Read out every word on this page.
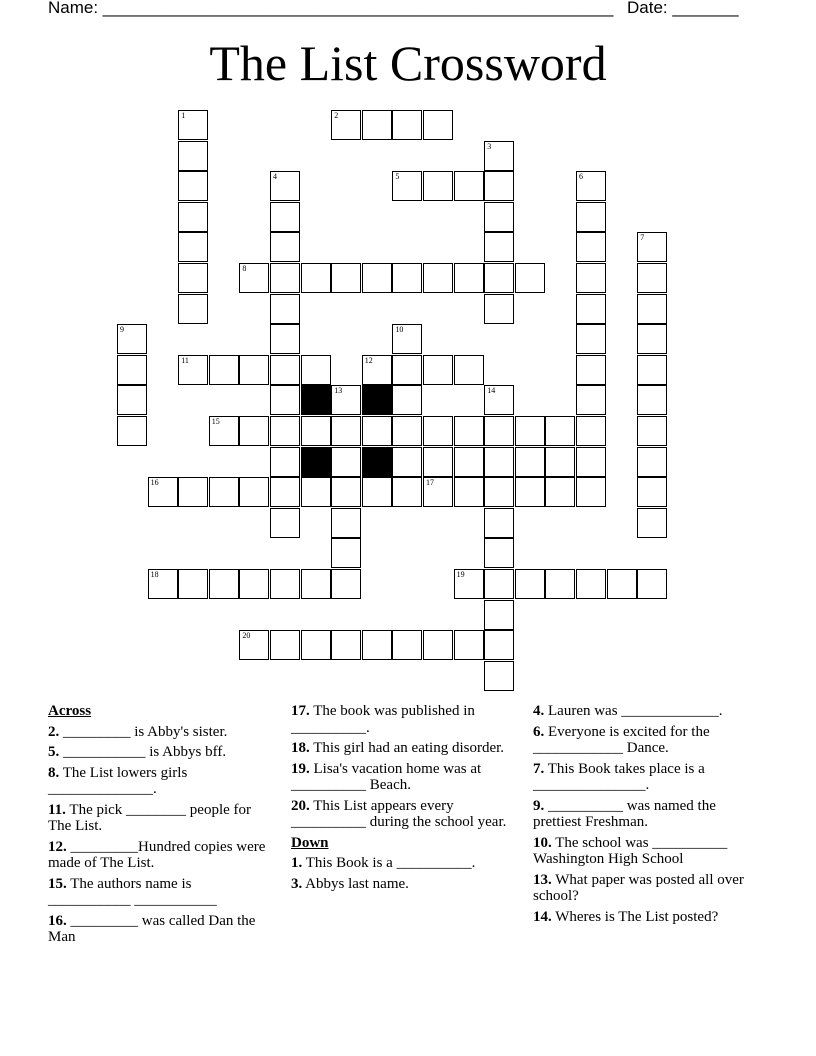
Name: ______________________________________________________ Date: _______
The List Crossword
2
5
8
11	12
15
16	17
18	19
20
1
3
4	6
7
9	10
13	14
Across
2. _________ is Abby's sister.
5. ___________ is Abbys bff.
8. The List lowers girls ______________.
11. The pick ________ people for The List.
12. _________Hundred copies were made of The List.
15. The authors name is ___________ ___________
16. _________ was called Dan the Man
17. The book was published in __________.
18. This girl had an eating disorder.
19. Lisa's vacation home was at __________ Beach.
20. This List appears every __________ during the school year.
Down
1. This Book is a __________.
3. Abbys last name.
4. Lauren was _____________.
6. Everyone is excited for the ____________ Dance.
7. This Book takes place is a _______________.
9. __________ was named the prettiest Freshman.
10. The school was __________ Washington High School
13. What paper was posted all over school?
14. Wheres is The List posted?
